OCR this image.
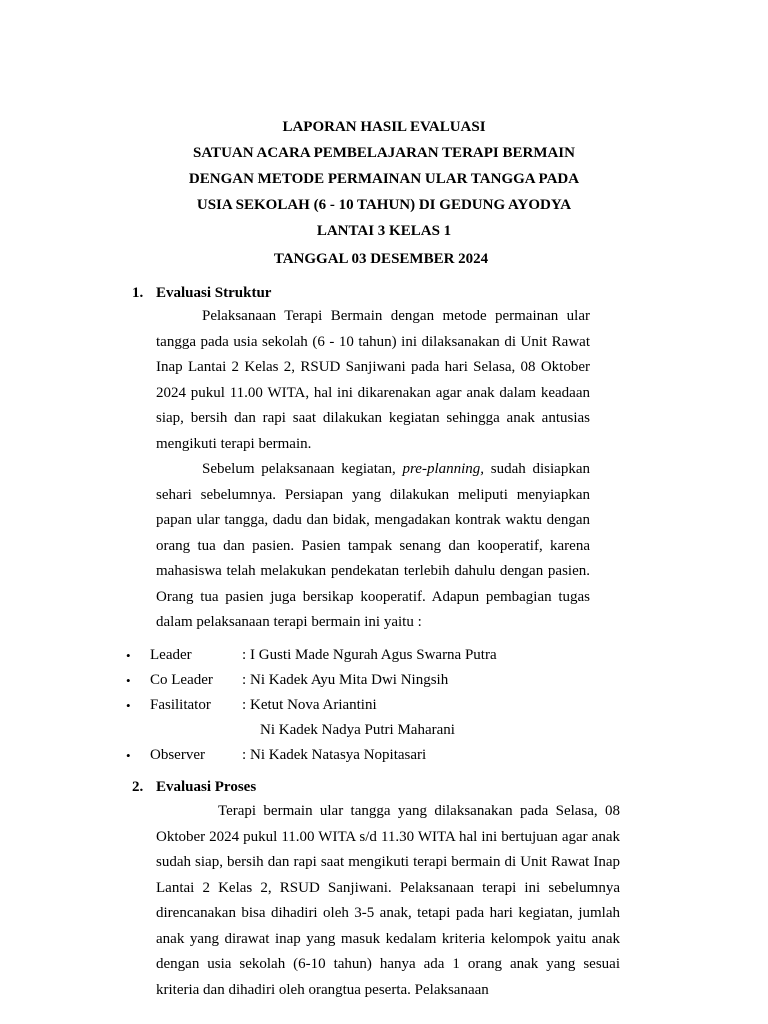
LAPORAN HASIL EVALUASI
SATUAN ACARA PEMBELAJARAN TERAPI BERMAIN
DENGAN METODE PERMAINAN ULAR TANGGA PADA
USIA SEKOLAH (6 - 10 TAHUN) DI GEDUNG AYODYA
LANTAI 3 KELAS 1
TANGGAL 03 DESEMBER 2024
1. Evaluasi Struktur
Pelaksanaan Terapi Bermain dengan metode permainan ular tangga pada usia sekolah (6 - 10 tahun) ini dilaksanakan di Unit Rawat Inap Lantai 2 Kelas 2, RSUD Sanjiwani pada hari Selasa, 08 Oktober 2024 pukul 11.00 WITA, hal ini dikarenakan agar anak dalam keadaan siap, bersih dan rapi saat dilakukan kegiatan sehingga anak antusias mengikuti terapi bermain.
Sebelum pelaksanaan kegiatan, pre-planning, sudah disiapkan sehari sebelumnya. Persiapan yang dilakukan meliputi menyiapkan papan ular tangga, dadu dan bidak, mengadakan kontrak waktu dengan orang tua dan pasien. Pasien tampak senang dan kooperatif, karena mahasiswa telah melakukan pendekatan terlebih dahulu dengan pasien. Orang tua pasien juga bersikap kooperatif. Adapun pembagian tugas dalam pelaksanaan terapi bermain ini yaitu :
•	Leader	: I Gusti Made Ngurah Agus Swarna Putra
•	Co Leader	: Ni Kadek Ayu Mita Dwi Ningsih
•	Fasilitator	: Ketut Nova Ariantini
Ni Kadek Nadya Putri Maharani
•	Observer	: Ni Kadek Natasya Nopitasari
2. Evaluasi Proses
Terapi bermain ular tangga yang dilaksanakan pada Selasa, 08 Oktober 2024 pukul 11.00 WITA s/d 11.30 WITA hal ini bertujuan agar anak sudah siap, bersih dan rapi saat mengikuti terapi bermain di Unit Rawat Inap Lantai 2 Kelas 2, RSUD Sanjiwani. Pelaksanaan terapi ini sebelumnya direncanakan bisa dihadiri oleh 3-5 anak, tetapi pada hari kegiatan, jumlah anak yang dirawat inap yang masuk kedalam kriteria kelompok yaitu anak dengan usia sekolah (6-10 tahun) hanya ada 1 orang anak yang sesuai kriteria dan dihadiri oleh orangtua peserta. Pelaksanaan
